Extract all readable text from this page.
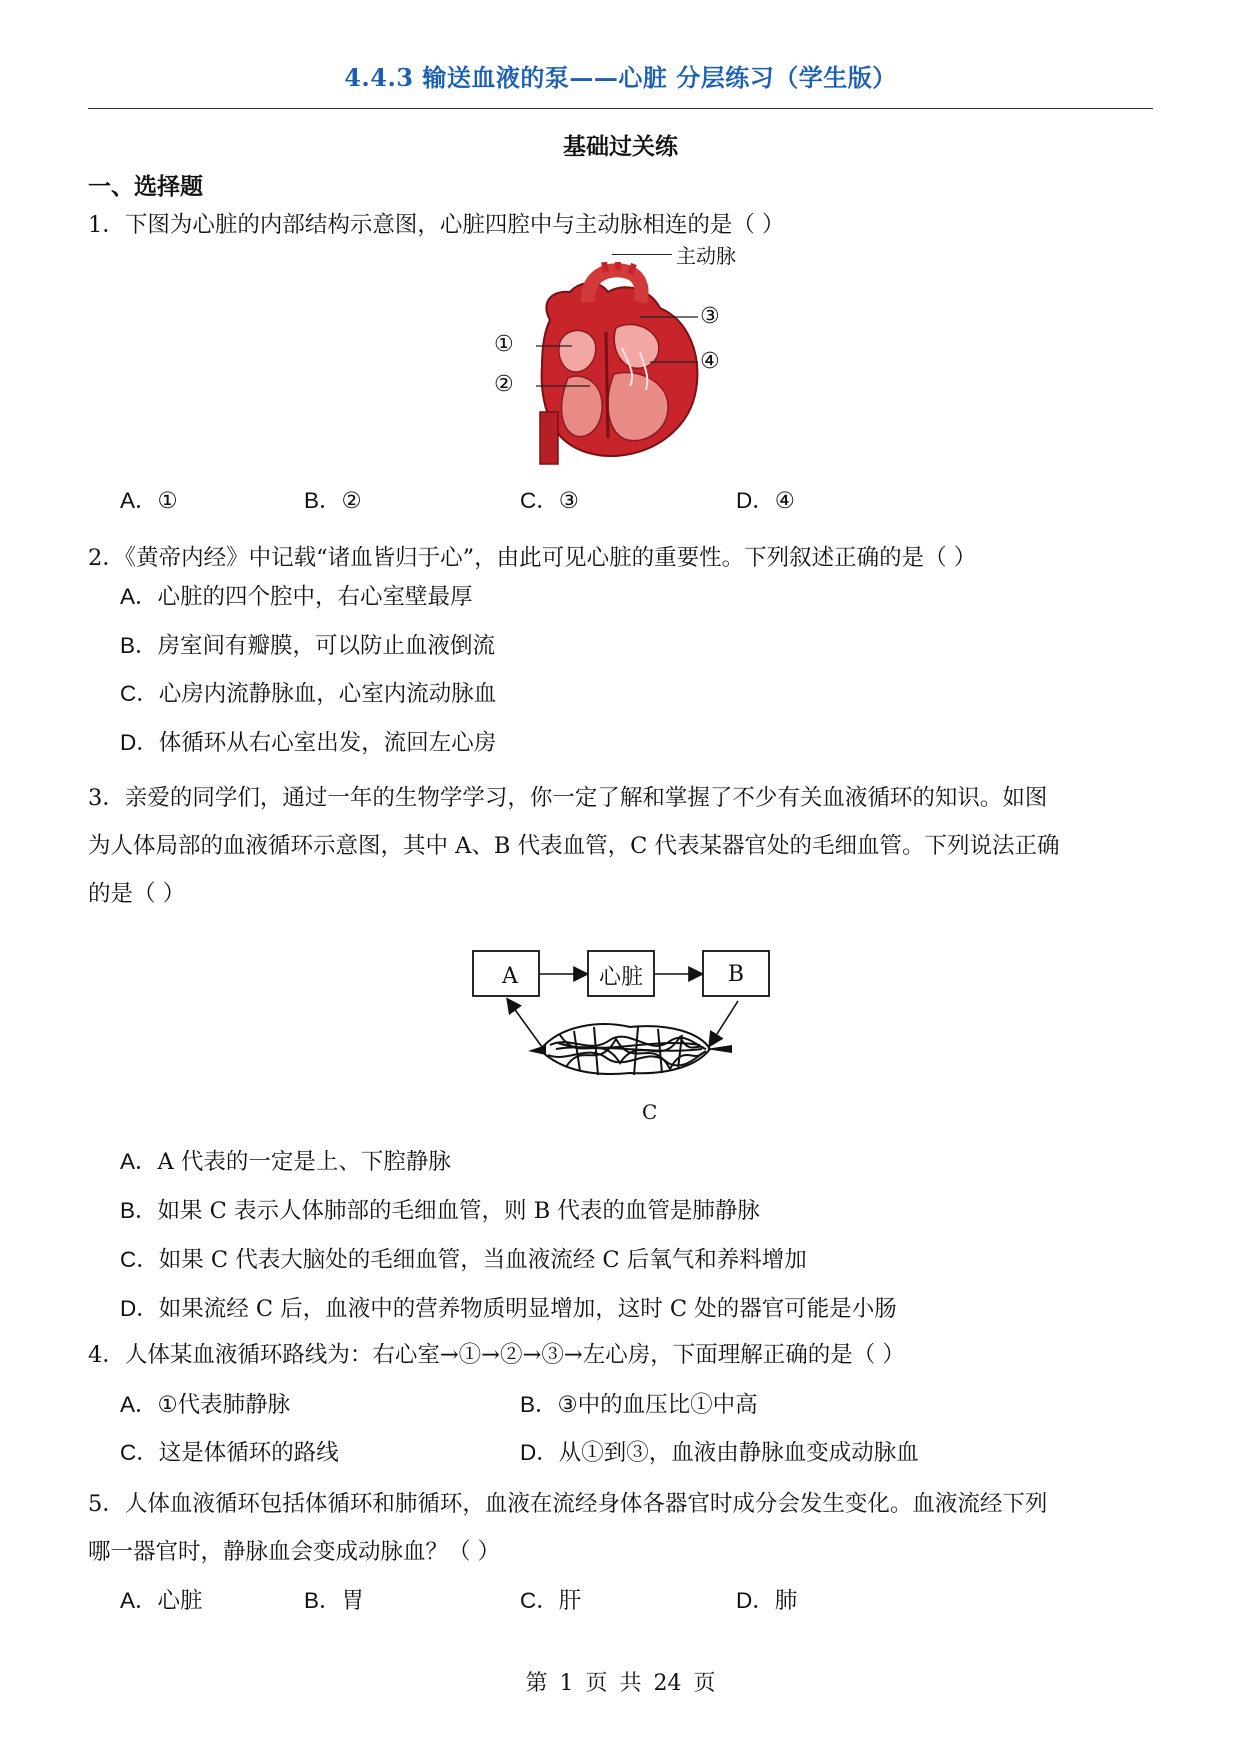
4.4.3 输送血液的泵——心脏 分层练习（学生版）
基础过关练
一、选择题
1．下图为心脏的内部结构示意图，心脏四腔中与主动脉相连的是（ ）
主动脉
①
②
③
④
A．①	B．②	C．③	D．④
2．《黄帝内经》中记载“诸血皆归于心”，由此可见心脏的重要性。下列叙述正确的是（ ）
A．心脏的四个腔中，右心室壁最厚
B．房室间有瓣膜，可以防止血液倒流
C．心房内流静脉血，心室内流动脉血
D．体循环从右心室出发，流回左心房
3．亲爱的同学们，通过一年的生物学学习，你一定了解和掌握了不少有关血液循环的知识。如图
为人体局部的血液循环示意图，其中 A、B 代表血管，C 代表某器官处的毛细血管。下列说法正确
的是（ ）
A	心脏	B
C
A．A 代表的一定是上、下腔静脉
B．如果 C 表示人体肺部的毛细血管，则 B 代表的血管是肺静脉
C．如果 C 代表大脑处的毛细血管，当血液流经 C 后氧气和养料增加
D．如果流经 C 后，血液中的营养物质明显增加，这时 C 处的器官可能是小肠
4．人体某血液循环路线为：右心室→①→②→③→左心房，下面理解正确的是（ ）
A．①代表肺静脉	B．③中的血压比①中高
C．这是体循环的路线	D．从①到③，血液由静脉血变成动脉血
5．人体血液循环包括体循环和肺循环，血液在流经身体各器官时成分会发生变化。血液流经下列
哪一器官时，静脉血会变成动脉血？（ ）
A．心脏	B．胃	C．肝	D．肺
第 1 页 共 24 页
